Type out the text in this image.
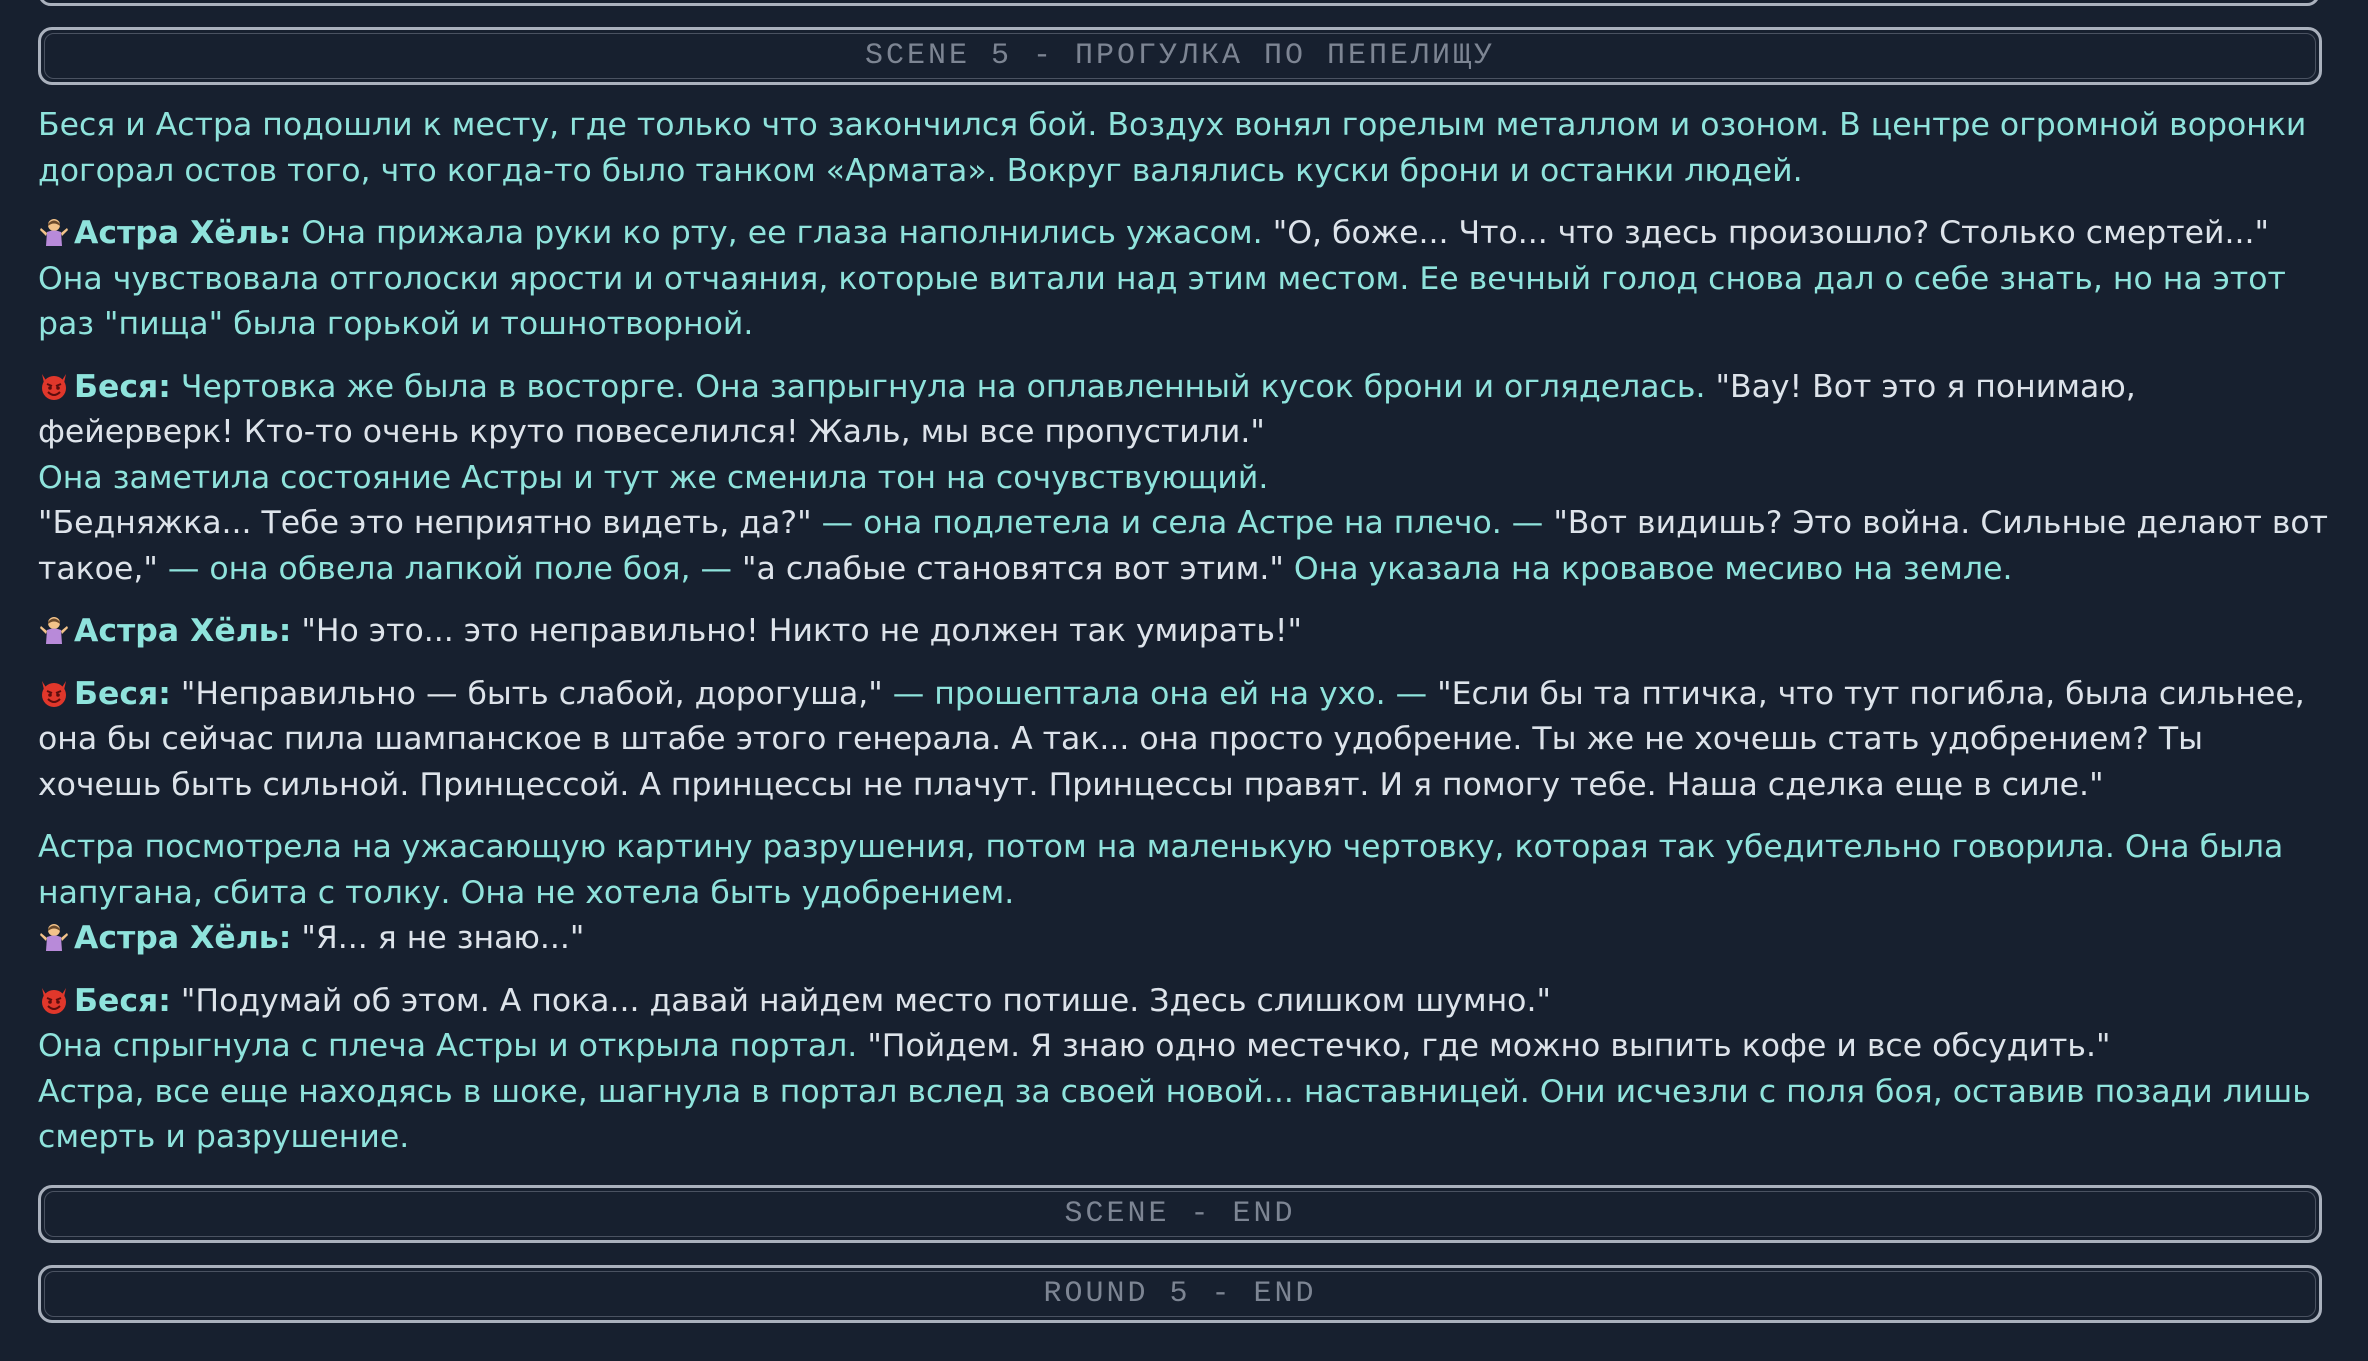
SCENE 5 - ПРОГУЛКА ПО ПЕПЕЛИЩУ

Беся и Астра подошли к месту, где только что закончился бой. Воздух вонял горелым металлом и озоном. В центре огромной воронки догорал остов того, что когда-то было танком «Армата». Вокруг валялись куски брони и останки людей.

Астра Хёль: Она прижала руки ко рту, ее глаза наполнились ужасом. "О, боже... Что... что здесь произошло? Столько смертей..." Она чувствовала отголоски ярости и отчаяния, которые витали над этим местом. Ее вечный голод снова дал о себе знать, но на этот раз "пища" была горькой и тошнотворной.

Беся: Чертовка же была в восторге. Она запрыгнула на оплавленный кусок брони и огляделась. "Вау! Вот это я понимаю, фейерверк! Кто-то очень круто повеселился! Жаль, мы все пропустили."
Она заметила состояние Астры и тут же сменила тон на сочувствующий.
"Бедняжка... Тебе это неприятно видеть, да?" — она подлетела и села Астре на плечо. — "Вот видишь? Это война. Сильные делают вот такое," — она обвела лапкой поле боя, — "а слабые становятся вот этим." Она указала на кровавое месиво на земле.

Астра Хёль: "Но это... это неправильно! Никто не должен так умирать!"

Беся: "Неправильно — быть слабой, дорогуша," — прошептала она ей на ухо. — "Если бы та птичка, что тут погибла, была сильнее, она бы сейчас пила шампанское в штабе этого генерала. А так... она просто удобрение. Ты же не хочешь стать удобрением? Ты хочешь быть сильной. Принцессой. А принцессы не плачут. Принцессы правят. И я помогу тебе. Наша сделка еще в силе."

Астра посмотрела на ужасающую картину разрушения, потом на маленькую чертовку, которая так убедительно говорила. Она была напугана, сбита с толку. Она не хотела быть удобрением.

Астра Хёль: "Я... я не знаю..."

Беся: "Подумай об этом. А пока... давай найдем место потише. Здесь слишком шумно."
Она спрыгнула с плеча Астры и открыла портал. "Пойдем. Я знаю одно местечко, где можно выпить кофе и все обсудить."
Астра, все еще находясь в шоке, шагнула в портал вслед за своей новой... наставницей. Они исчезли с поля боя, оставив позади лишь смерть и разрушение.

SCENE - END
ROUND 5 - END
